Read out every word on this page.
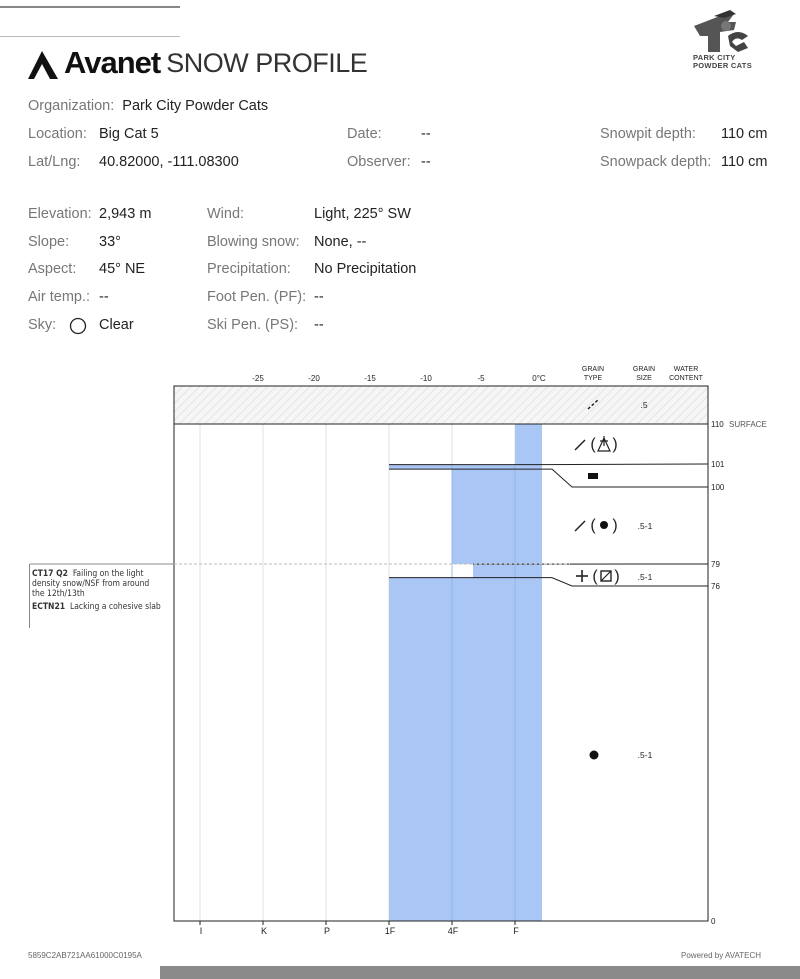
Avanet SNOW PROFILE	PARK CITY
POWDER CATS
Organization: Park City Powder Cats
Location: Big Cat 5
Lat/Lng: 40.82000, -111.08300
Date:	--
Observer: --
Snowpit depth: 110 cm
Snowpack depth: 110 cm
Elevation: 2,943 m
Slope: 33°
Aspect: 45° NE
Air temp.: --
Sky:	Clear
Wind:	Light, 225° SW
Blowing snow: None, --
Precipitation: No Precipitation
Foot Pen. (PF): --
Ski Pen. (PS): --
-25	-20	-15	-10	-5	0°C
I	K	P	1F	4F	F
GRAIN
TYPE
GRAIN
SIZE
WATER
CONTENT
110 SURFACE
101
100
79
76
0
( )
( )
( )
.5
.5-1
.5-1
.5-1
CT17 Q2 Failing on the light density snow/NSF from around the 12th/13th
ECTN21 Lacking a cohesive slab
5859C2AB721AA61000C0195A	Powered by AVATECH
